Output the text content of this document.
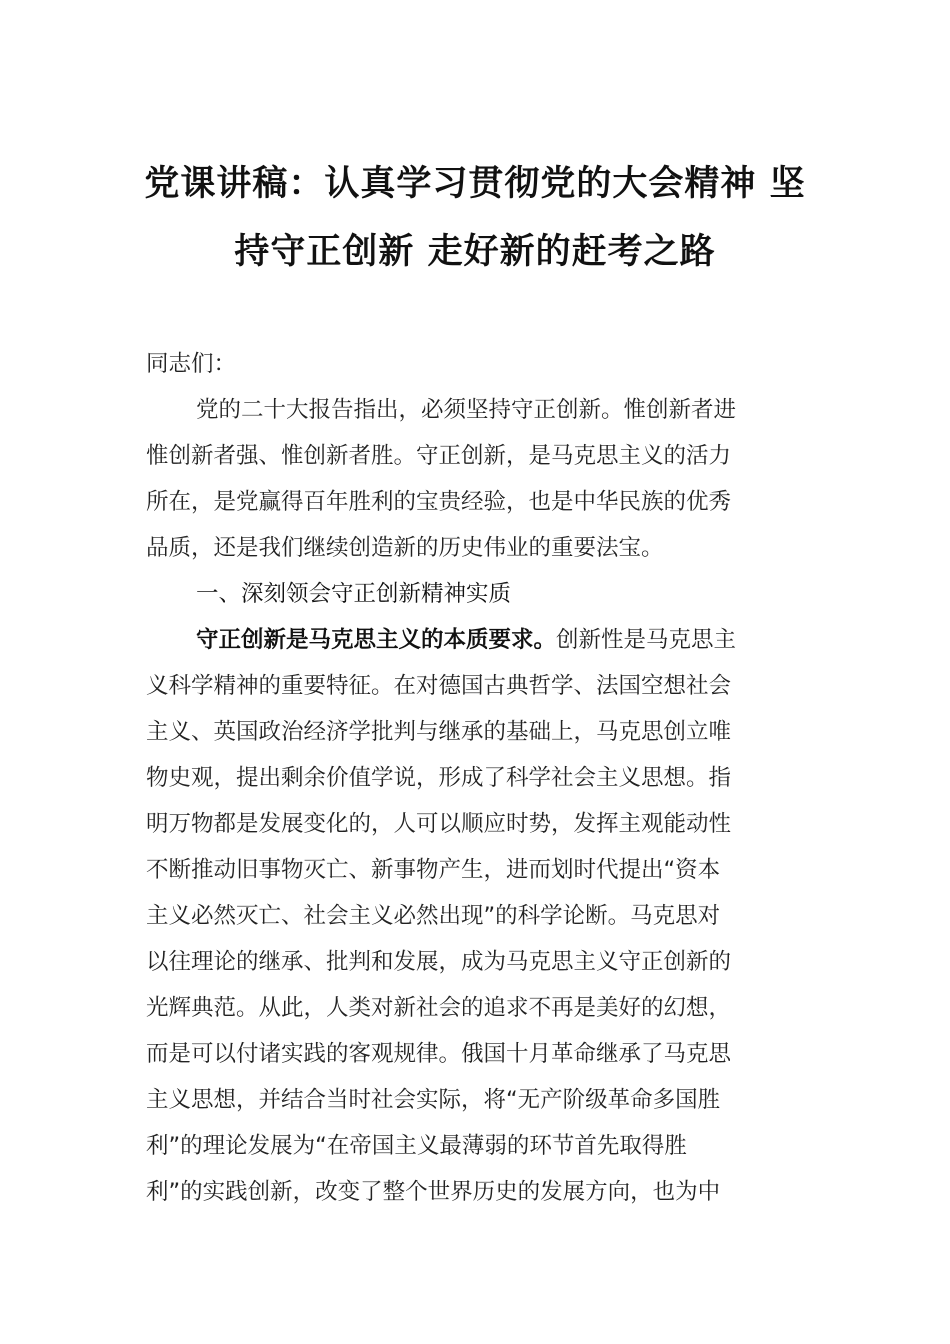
党课讲稿：认真学习贯彻党的大会精神 坚
持守正创新 走好新的赶考之路

同志们：

党的二十大报告指出，必须坚持守正创新。惟创新者进
惟创新者强、惟创新者胜。守正创新，是马克思主义的活力
所在，是党赢得百年胜利的宝贵经验，也是中华民族的优秀
品质，还是我们继续创造新的历史伟业的重要法宝。

一、深刻领会守正创新精神实质

守正创新是马克思主义的本质要求。创新性是马克思主
义科学精神的重要特征。在对德国古典哲学、法国空想社会
主义、英国政治经济学批判与继承的基础上，马克思创立唯
物史观，提出剩余价值学说，形成了科学社会主义思想。指
明万物都是发展变化的，人可以顺应时势，发挥主观能动性
不断推动旧事物灭亡、新事物产生，进而划时代提出“资本
主义必然灭亡、社会主义必然出现”的科学论断。马克思对
以往理论的继承、批判和发展，成为马克思主义守正创新的
光辉典范。从此，人类对新社会的追求不再是美好的幻想，
而是可以付诸实践的客观规律。俄国十月革命继承了马克思
主义思想，并结合当时社会实际，将“无产阶级革命多国胜
利”的理论发展为“在帝国主义最薄弱的环节首先取得胜
利”的实践创新，改变了整个世界历史的发展方向，也为中
